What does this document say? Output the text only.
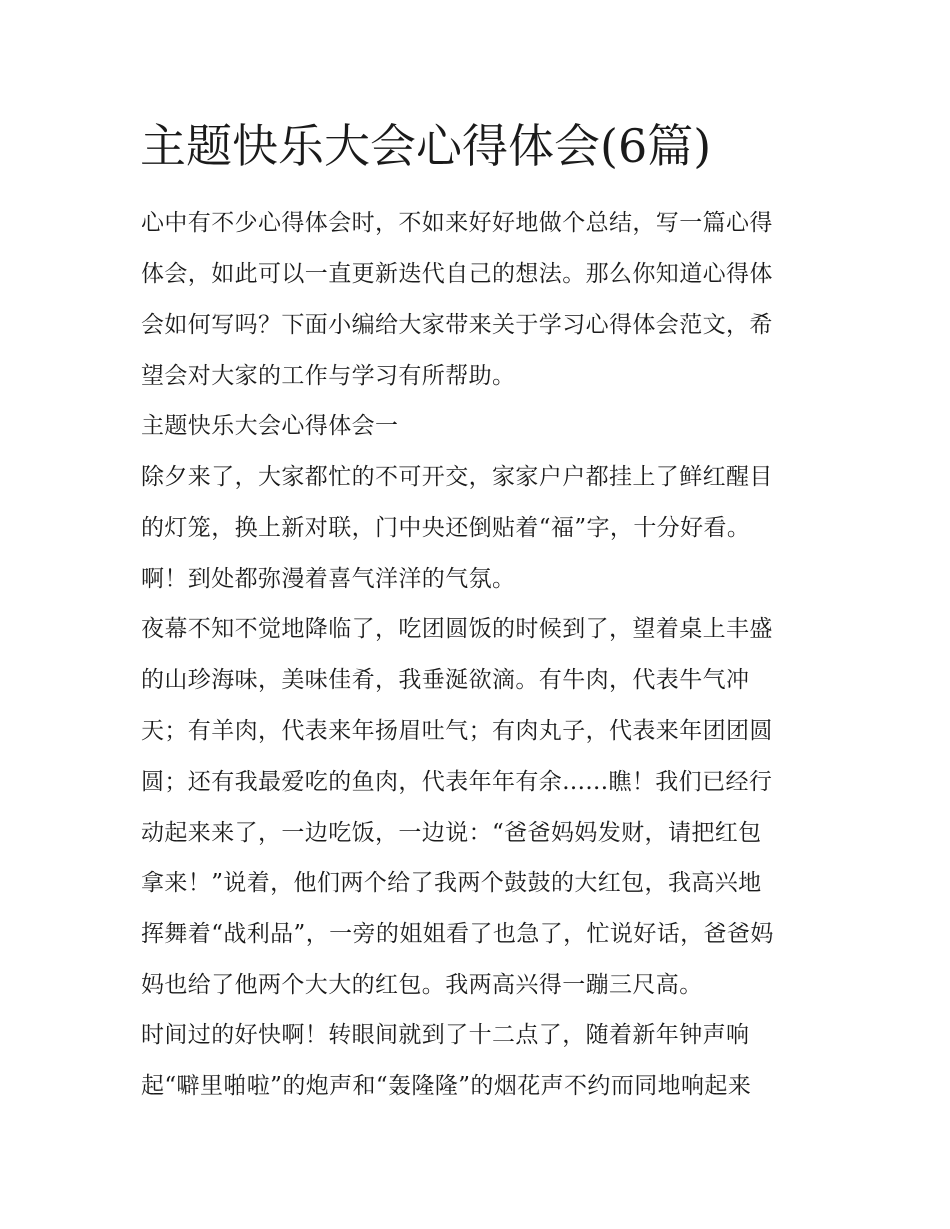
主题快乐大会心得体会(6篇)
心中有不少心得体会时，不如来好好地做个总结，写一篇心得
体会，如此可以一直更新迭代自己的想法。那么你知道心得体
会如何写吗？下面小编给大家带来关于学习心得体会范文，希
望会对大家的工作与学习有所帮助。
主题快乐大会心得体会一
除夕来了，大家都忙的不可开交，家家户户都挂上了鲜红醒目
的灯笼，换上新对联，门中央还倒贴着“福”字，十分好看。
啊！到处都弥漫着喜气洋洋的气氛。
夜幕不知不觉地降临了，吃团圆饭的时候到了，望着桌上丰盛
的山珍海味，美味佳肴，我垂涎欲滴。有牛肉，代表牛气冲
天；有羊肉，代表来年扬眉吐气；有肉丸子，代表来年团团圆
圆；还有我最爱吃的鱼肉，代表年年有余......瞧！我们已经行
动起来来了，一边吃饭，一边说：“爸爸妈妈发财，请把红包
拿来！”说着，他们两个给了我两个鼓鼓的大红包，我高兴地
挥舞着“战利品”，一旁的姐姐看了也急了，忙说好话，爸爸妈
妈也给了他两个大大的红包。我两高兴得一蹦三尺高。
时间过的好快啊！转眼间就到了十二点了，随着新年钟声响
起“噼里啪啦”的炮声和“轰隆隆”的烟花声不约而同地响起来
